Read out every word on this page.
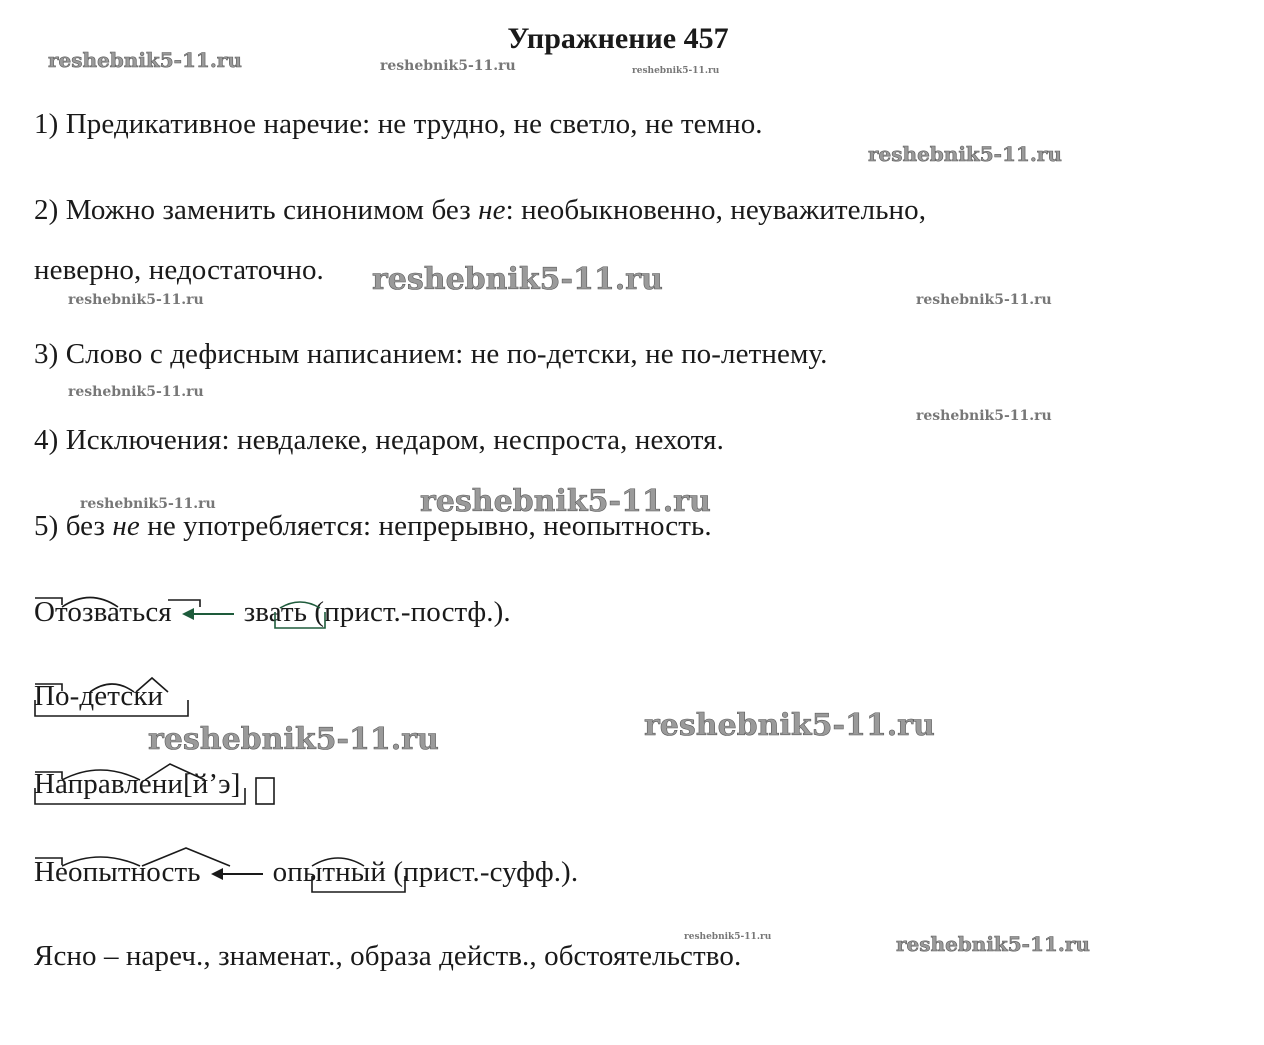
Упражнение 457
reshebnik5-11.ru	reshebnik5-11.ru	reshebnik5-11.ru
reshebnik5-11.ru
reshebnik5-11.ru
reshebnik5-11.ru	reshebnik5-11.ru
reshebnik5-11.ru
reshebnik5-11.ru
reshebnik5-11.ru	reshebnik5-11.ru
reshebnik5-11.ru	reshebnik5-11.ru
reshebnik5-11.ru	reshebnik5-11.ru
1) Предикативное наречие: не трудно, не светло, не темно.
2) Можно заменить синонимом без не: необыкновенно, неуважительно,
неверно, недостаточно.
3) Слово с дефисным написанием: не по-детски, не по-летнему.
4) Исключения: невдалеке, недаром, неспроста, нехотя.
5) без не не употребляется: непрерывно, неопытность.
Отозваться звать (прист.-постф.).
По-детски
Направлени[й’э]
Неопытность опытный (прист.-суфф.).
Ясно – нареч., знаменат., образа действ., обстоятельство.
